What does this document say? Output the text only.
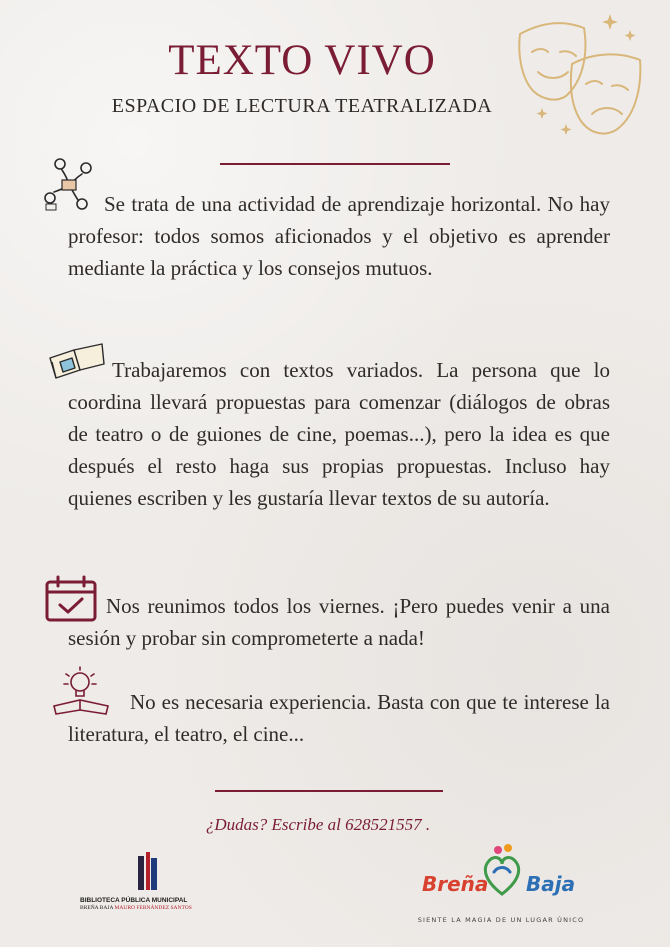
TEXTO VIVO
ESPACIO DE LECTURA TEATRALIZADA
Se trata de una actividad de aprendizaje horizontal. No hay profesor: todos somos aficionados y el objetivo es aprender mediante la práctica y los consejos mutuos.
Trabajaremos con textos variados. La persona que lo coordina llevará propuestas para comenzar (diálogos de obras de teatro o de guiones de cine, poemas...), pero la idea es que después el resto haga sus propias propuestas. Incluso hay quienes escriben y les gustaría llevar textos de su autoría.
Nos reunimos todos los viernes. ¡Pero puedes venir a una sesión y probar sin comprometerte a nada!
No es necesaria experiencia. Basta con que te interese la literatura, el teatro, el cine...
¿Dudas? Escribe al 628521557 .
BIBLIOTECA PÚBLICA MUNICIPAL
BREÑA BAJA MAURO FERNÁNDEZ SANTOS
Breña Baja
SIENTE LA MAGIA DE UN LUGAR ÚNICO
